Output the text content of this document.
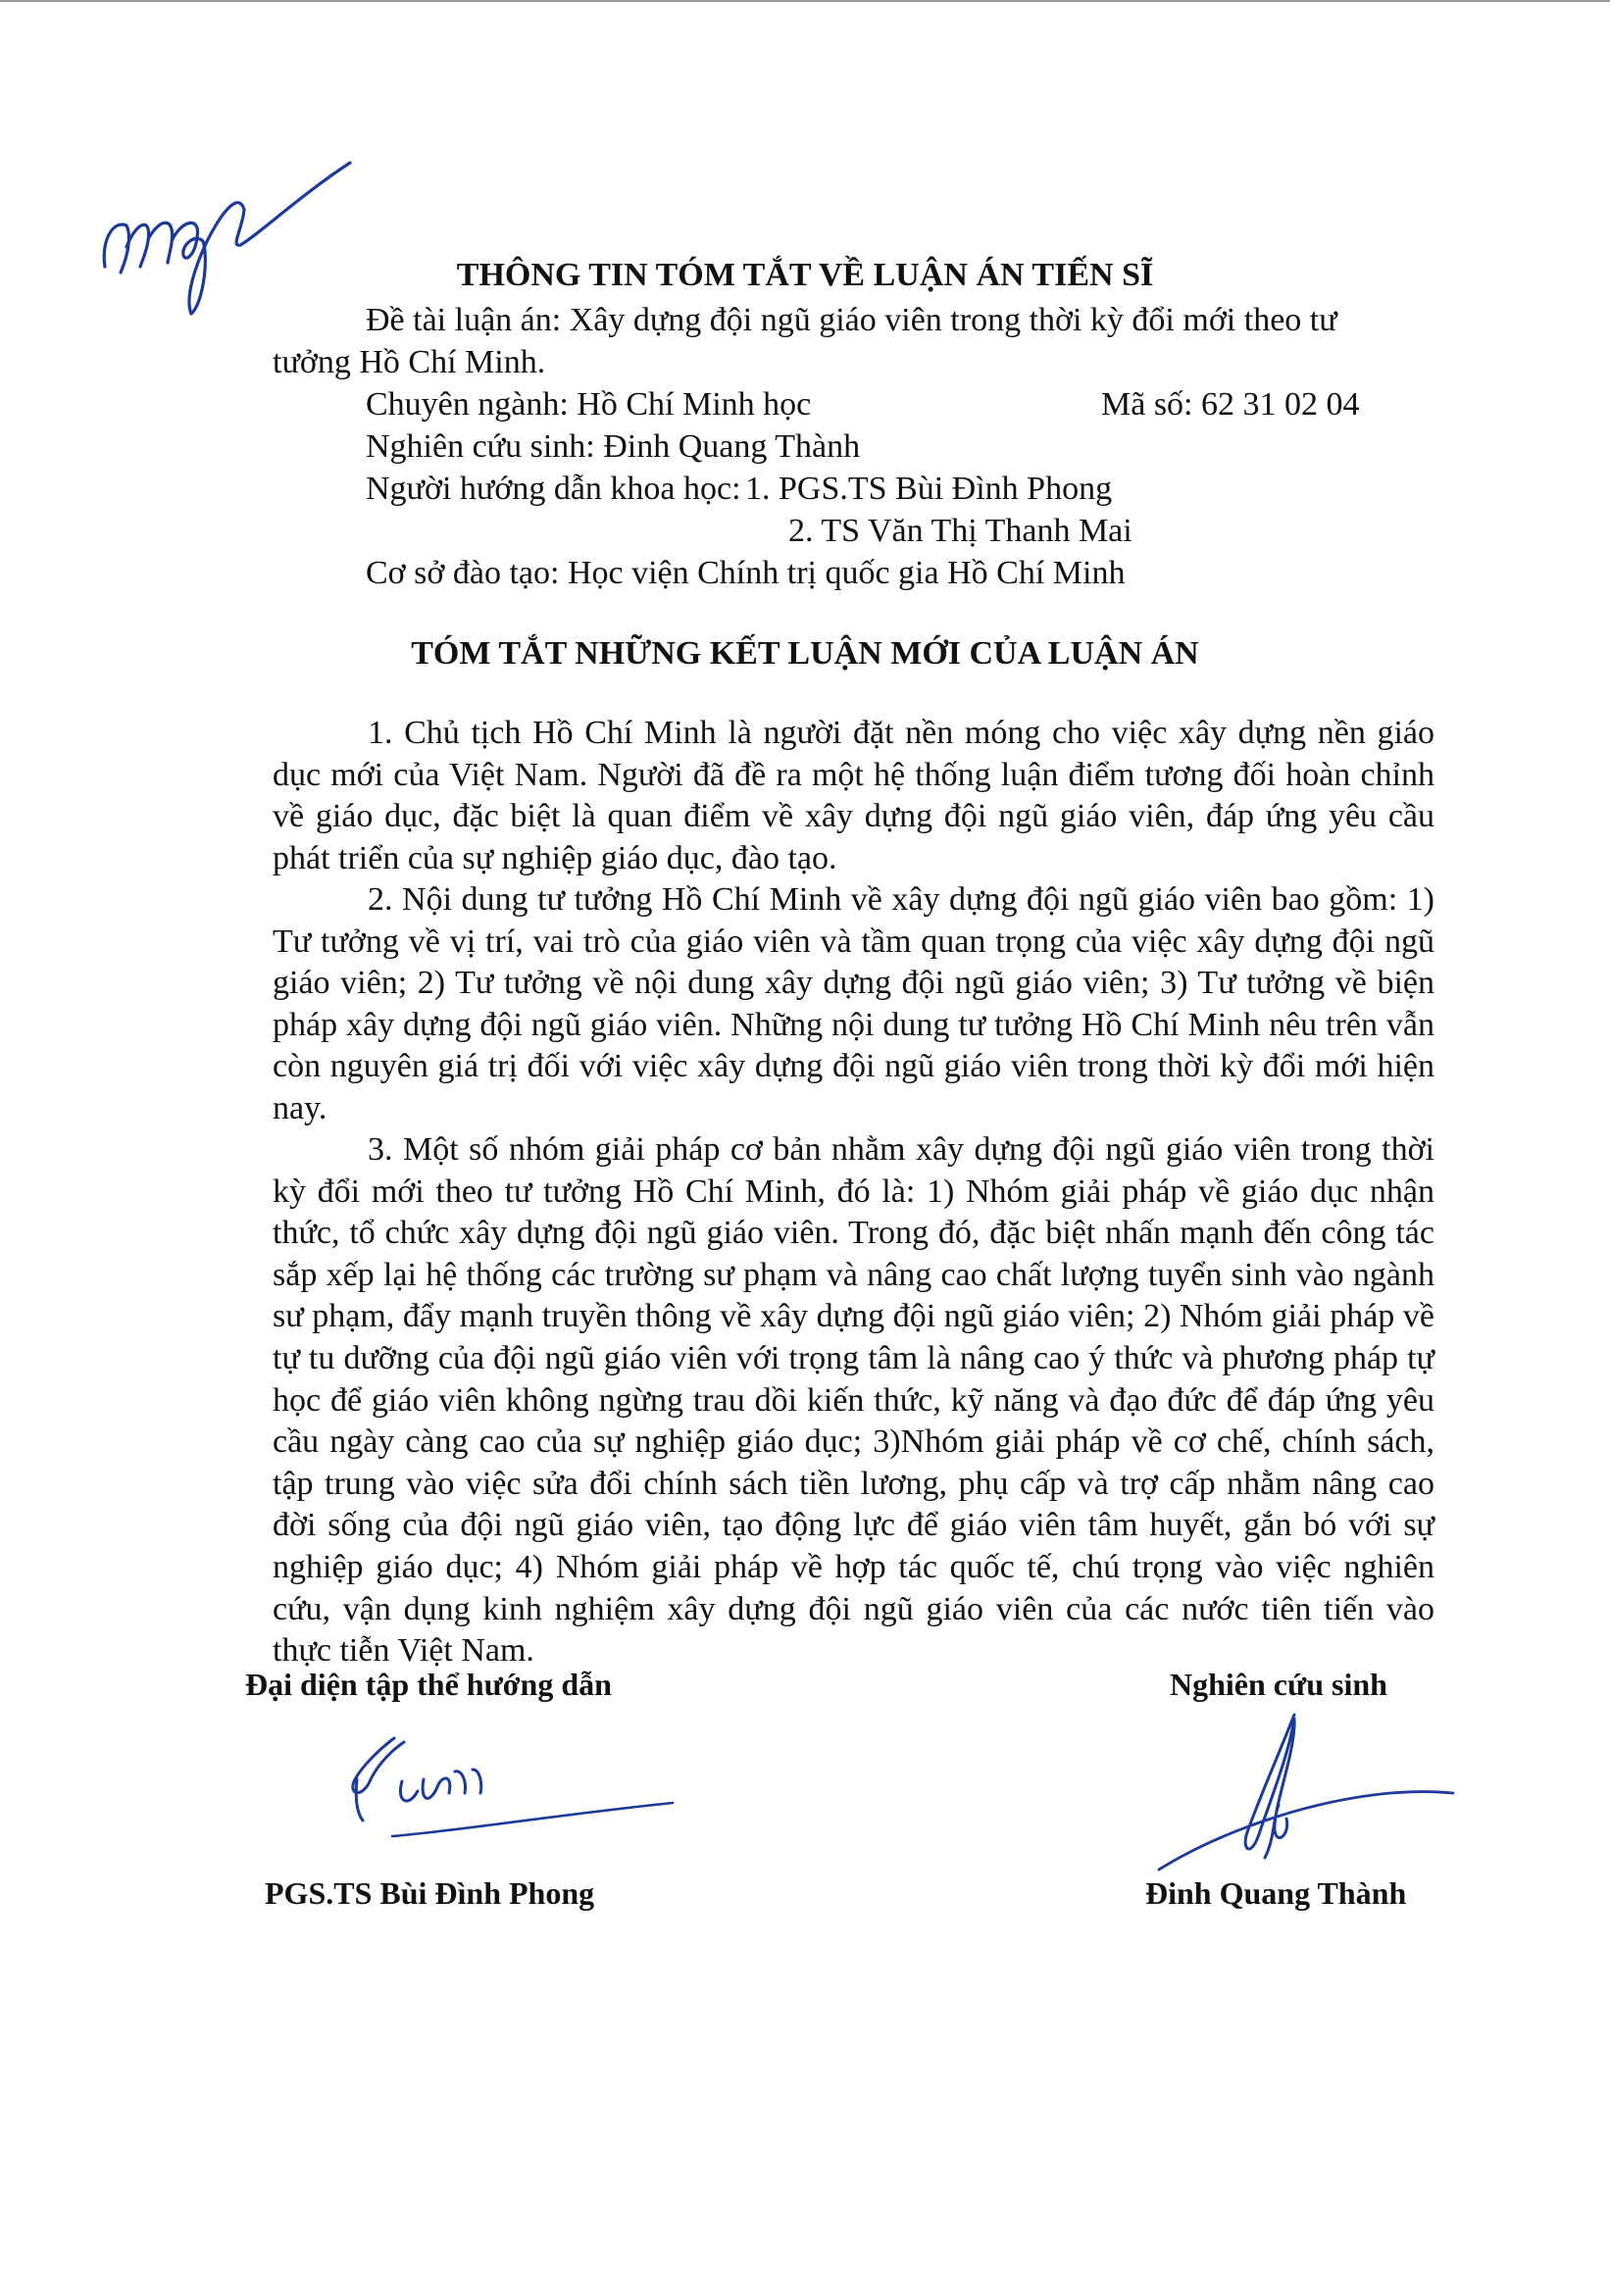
THÔNG TIN TÓM TẮT VỀ LUẬN ÁN TIẾN SĨ

Đề tài luận án: Xây dựng đội ngũ giáo viên trong thời kỳ đổi mới theo tư

tưởng Hồ Chí Minh.

Chuyên ngành: Hồ Chí Minh học	Mã số: 62 31 02 04

Nghiên cứu sinh: Đinh Quang Thành

Người hướng dẫn khoa học: 1. PGS.TS Bùi Đình Phong

2. TS Văn Thị Thanh Mai

Cơ sở đào tạo: Học viện Chính trị quốc gia Hồ Chí Minh

TÓM TẮT NHỮNG KẾT LUẬN MỚI CỦA LUẬN ÁN

1. Chủ tịch Hồ Chí Minh là người đặt nền móng cho việc xây dựng nền giáo dục mới của Việt Nam. Người đã đề ra một hệ thống luận điểm tương đối hoàn chỉnh về giáo dục, đặc biệt là quan điểm về xây dựng đội ngũ giáo viên, đáp ứng yêu cầu phát triển của sự nghiệp giáo dục, đào tạo.

2. Nội dung tư tưởng Hồ Chí Minh về xây dựng đội ngũ giáo viên bao gồm: 1) Tư tưởng về vị trí, vai trò của giáo viên và tầm quan trọng của việc xây dựng đội ngũ giáo viên; 2) Tư tưởng về nội dung xây dựng đội ngũ giáo viên; 3) Tư tưởng về biện pháp xây dựng đội ngũ giáo viên. Những nội dung tư tưởng Hồ Chí Minh nêu trên vẫn còn nguyên giá trị đối với việc xây dựng đội ngũ giáo viên trong thời kỳ đổi mới hiện nay.

3. Một số nhóm giải pháp cơ bản nhằm xây dựng đội ngũ giáo viên trong thời kỳ đổi mới theo tư tưởng Hồ Chí Minh, đó là: 1) Nhóm giải pháp về giáo dục nhận thức, tổ chức xây dựng đội ngũ giáo viên. Trong đó, đặc biệt nhấn mạnh đến công tác sắp xếp lại hệ thống các trường sư phạm và nâng cao chất lượng tuyển sinh vào ngành sư phạm, đẩy mạnh truyền thông về xây dựng đội ngũ giáo viên; 2) Nhóm giải pháp về tự tu dưỡng của đội ngũ giáo viên với trọng tâm là nâng cao ý thức và phương pháp tự học để giáo viên không ngừng trau dồi kiến thức, kỹ năng và đạo đức để đáp ứng yêu cầu ngày càng cao của sự nghiệp giáo dục; 3)Nhóm giải pháp về cơ chế, chính sách, tập trung vào việc sửa đổi chính sách tiền lương, phụ cấp và trợ cấp nhằm nâng cao đời sống của đội ngũ giáo viên, tạo động lực để giáo viên tâm huyết, gắn bó với sự nghiệp giáo dục; 4) Nhóm giải pháp về hợp tác quốc tế, chú trọng vào việc nghiên cứu, vận dụng kinh nghiệm xây dựng đội ngũ giáo viên của các nước tiên tiến vào thực tiễn Việt Nam.

Đại diện tập thể hướng dẫn	Nghiên cứu sinh

PGS.TS Bùi Đình Phong	Đinh Quang Thành
